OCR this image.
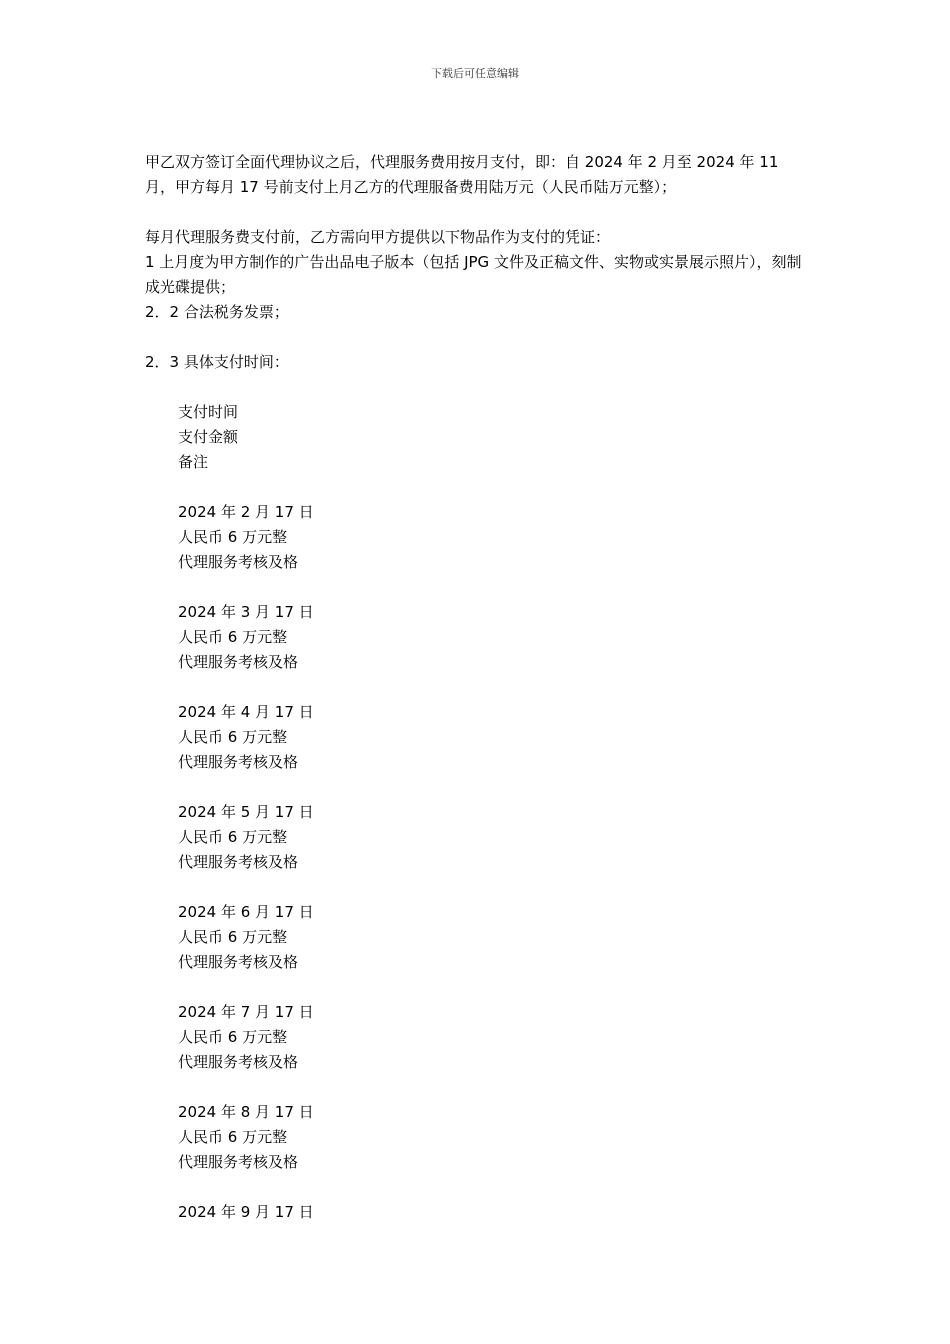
下载后可任意编辑

甲乙双方签订全面代理协议之后，代理服务费用按月支付，即：自 2024 年 2 月至 2024 年 11 月，甲方每月 17 号前支付上月乙方的代理服备费用陆万元（人民币陆万元整）；

每月代理服务费支付前，乙方需向甲方提供以下物品作为支付的凭证：

1 上月度为甲方制作的广告出品电子版本（包括 JPG 文件及正稿文件、实物或实景展示照片），刻制成光碟提供；

2．2 合法税务发票；

2．3 具体支付时间：

支付时间
支付金额
备注
2024 年 2 月 17 日
人民币 6 万元整
代理服务考核及格
2024 年 3 月 17 日
人民币 6 万元整
代理服务考核及格
2024 年 4 月 17 日
人民币 6 万元整
代理服务考核及格
2024 年 5 月 17 日
人民币 6 万元整
代理服务考核及格
2024 年 6 月 17 日
人民币 6 万元整
代理服务考核及格
2024 年 7 月 17 日
人民币 6 万元整
代理服务考核及格
2024 年 8 月 17 日
人民币 6 万元整
代理服务考核及格
2024 年 9 月 17 日
